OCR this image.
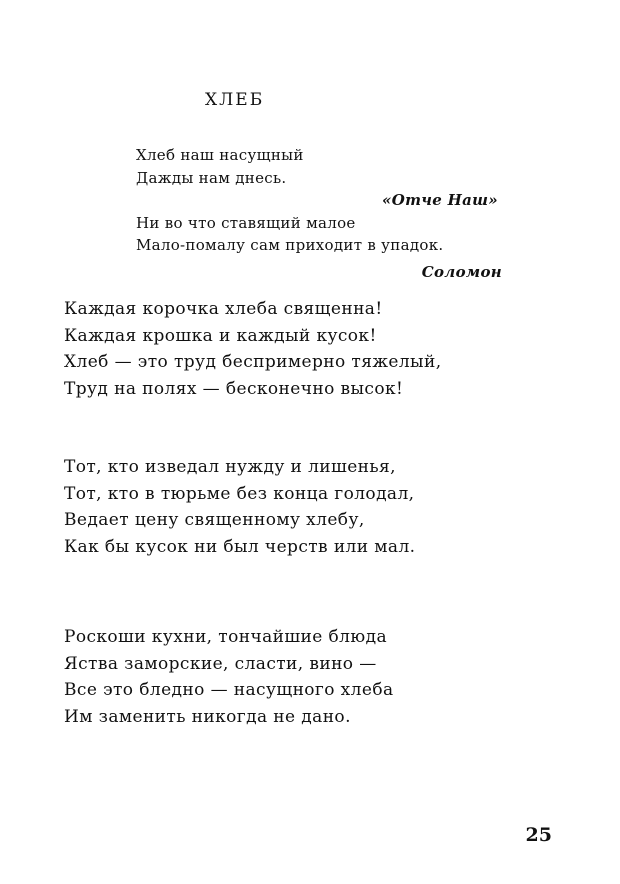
ХЛЕБ
Хлеб наш насущный
Дажды нам днесь.
«Отче Наш»
Ни во что ставящий малое
Мало-помалу сам приходит в упадок.
Соломон
Каждая корочка хлеба священна!
Каждая крошка и каждый кусок!
Хлеб — это труд беспримерно тяжелый,
Труд на полях — бесконечно высок!
Тот, кто изведал нужду и лишенья,
Тот, кто в тюрьме без конца голодал,
Ведает цену священному хлебу,
Как бы кусок ни был черств или мал.
Роскоши кухни, тончайшие блюда
Яства заморские, сласти, вино —
Все это бледно — насущного хлеба
Им заменить никогда не дано.
25
